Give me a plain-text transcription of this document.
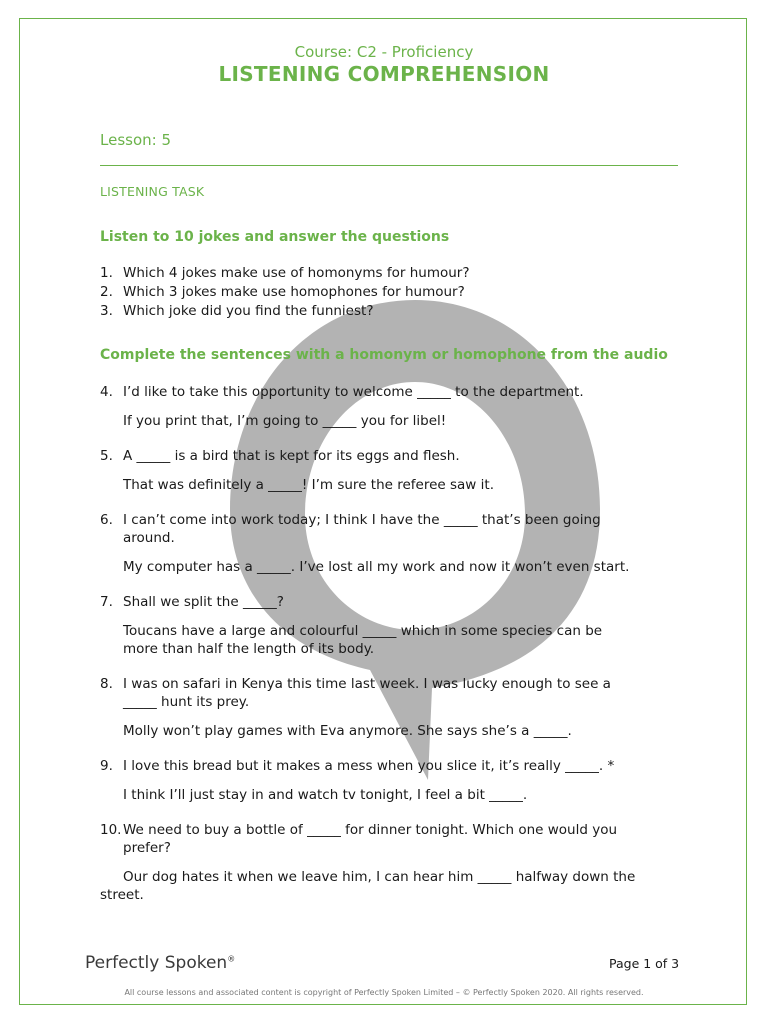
Course: C2 - Proficiency
LISTENING COMPREHENSION
Lesson: 5
LISTENING TASK
Listen to 10 jokes and answer the questions
1. Which 4 jokes make use of homonyms for humour?
2. Which 3 jokes make use homophones for humour?
3. Which joke did you find the funniest?
Complete the sentences with a homonym or homophone from the audio
4. I’d like to take this opportunity to welcome _____ to the department.
If you print that, I’m going to _____ you for libel!
5. A _____ is a bird that is kept for its eggs and flesh.
That was definitely a _____! I’m sure the referee saw it.
6. I can’t come into work today; I think I have the _____ that’s been going
around.
My computer has a _____. I’ve lost all my work and now it won’t even start.
7. Shall we split the _____?
Toucans have a large and colourful _____ which in some species can be
more than half the length of its body.
8. I was on safari in Kenya this time last week. I was lucky enough to see a
_____ hunt its prey.
Molly won’t play games with Eva anymore. She says she’s a _____.
9. I love this bread but it makes a mess when you slice it, it’s really _____. *
I think I’ll just stay in and watch tv tonight, I feel a bit _____.
10. We need to buy a bottle of _____ for dinner tonight. Which one would you
prefer?
Our dog hates it when we leave him, I can hear him _____ halfway down the
street.
Perfectly Spoken®	Page 1 of 3
All course lessons and associated content is copyright of Perfectly Spoken Limited – © Perfectly Spoken 2020. All rights reserved.
